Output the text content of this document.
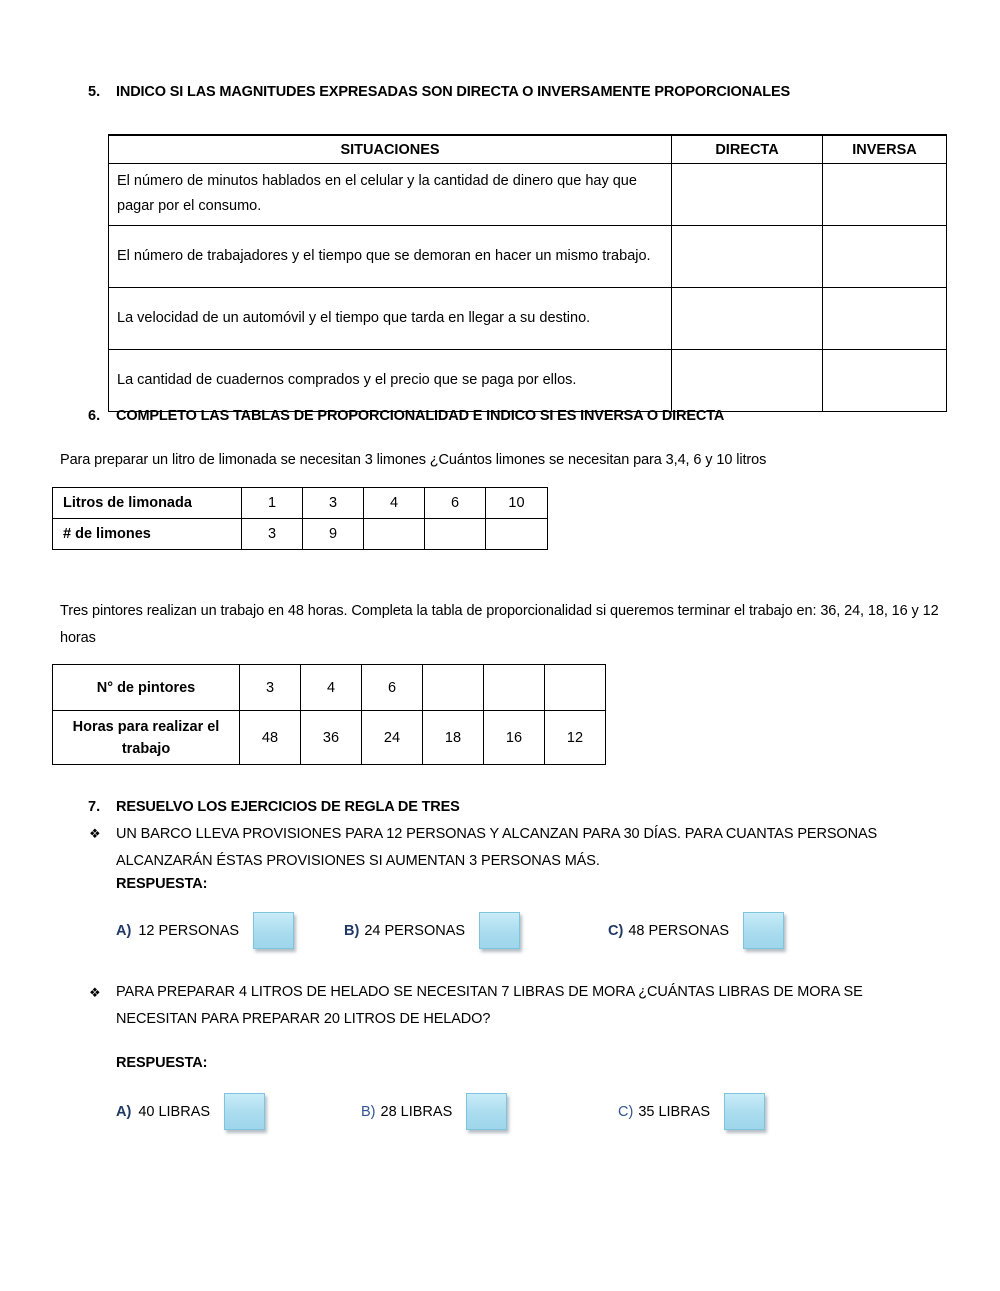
5. INDICO SI LAS MAGNITUDES EXPRESADAS SON DIRECTA O INVERSAMENTE PROPORCIONALES
SITUACIONES	DIRECTA	INVERSA
El número de minutos hablados en el celular y la cantidad de dinero que hay que pagar por el consumo.		
El número de trabajadores y el tiempo que se demoran en hacer un mismo trabajo.		
La velocidad de un automóvil y el tiempo que tarda en llegar a su destino.		
La cantidad de cuadernos comprados y el precio que se paga por ellos.		
6. COMPLETO LAS TABLAS DE PROPORCIONALIDAD E INDICO SI ES INVERSA O DIRECTA
Para preparar un litro de limonada se necesitan 3 limones ¿Cuántos limones se necesitan para 3,4, 6 y 10 litros
Litros de limonada	1	3	4	6	10
# de limones	3	9			
Tres pintores realizan un trabajo en 48 horas. Completa la tabla de proporcionalidad si queremos terminar el trabajo en: 36, 24, 18, 16 y 12 horas
N° de pintores	3	4	6			
Horas para realizar el trabajo	48	36	24	18	16	12
7. RESUELVO LOS EJERCICIOS DE REGLA DE TRES
❖ UN BARCO LLEVA PROVISIONES PARA 12 PERSONAS Y ALCANZAN PARA 30 DÍAS. PARA CUANTAS PERSONAS ALCANZARÁN ÉSTAS PROVISIONES SI AUMENTAN 3 PERSONAS MÁS.
RESPUESTA:
A) 12 PERSONAS	B) 24 PERSONAS	C) 48 PERSONAS
❖ PARA PREPARAR 4 LITROS DE HELADO SE NECESITAN 7 LIBRAS DE MORA ¿CUÁNTAS LIBRAS DE MORA SE NECESITAN PARA PREPARAR 20 LITROS DE HELADO?
RESPUESTA:
A) 40 LIBRAS	B) 28 LIBRAS	C) 35 LIBRAS
